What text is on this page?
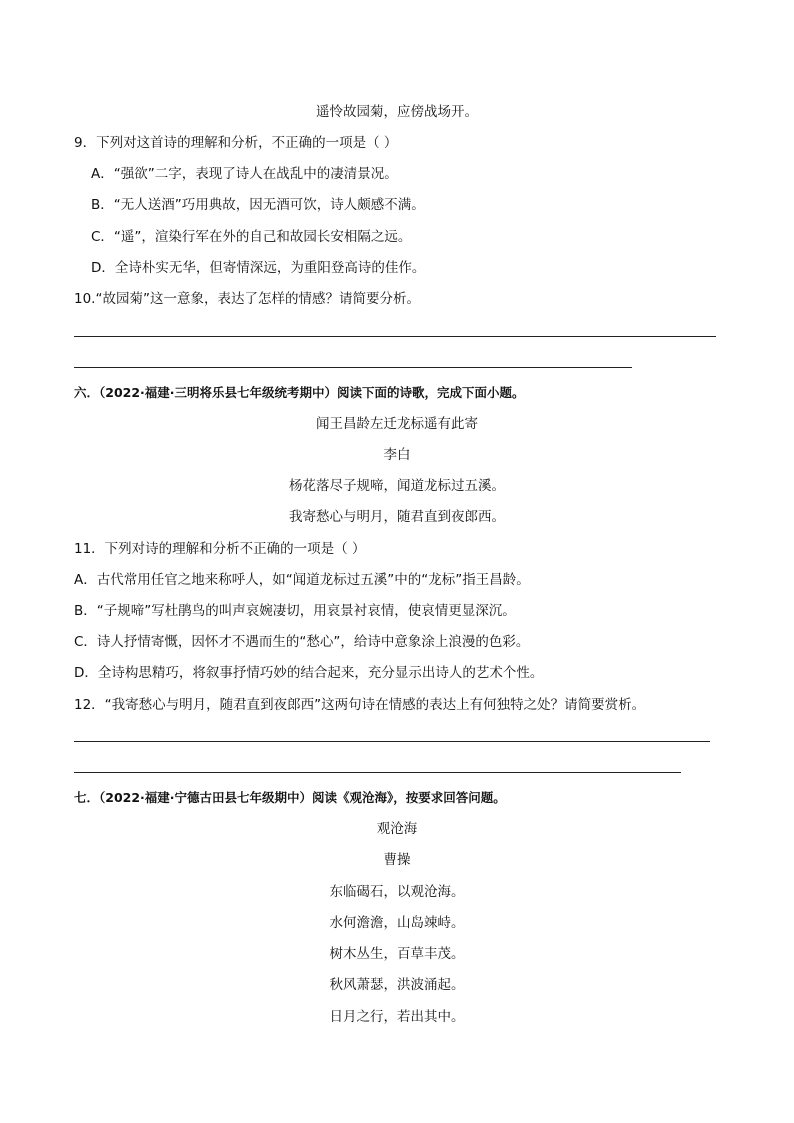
遥怜故园菊，应傍战场开。
9．下列对这首诗的理解和分析，不正确的一项是（ ）
A．“强欲”二字，表现了诗人在战乱中的凄清景况。
B．“无人送酒”巧用典故，因无酒可饮，诗人颇感不满。
C．“遥”，渲染行军在外的自己和故园长安相隔之远。
D．全诗朴实无华，但寄情深远，为重阳登高诗的佳作。
10.“故园菊”这一意象，表达了怎样的情感？请简要分析。
六．（2022·福建·三明将乐县七年级统考期中）阅读下面的诗歌，完成下面小题。
闻王昌龄左迁龙标遥有此寄
李白
杨花落尽子规啼，闻道龙标过五溪。
我寄愁心与明月，随君直到夜郎西。
11．下列对诗的理解和分析不正确的一项是（ ）
A．古代常用任官之地来称呼人，如“闻道龙标过五溪”中的“龙标”指王昌龄。
B．“子规啼”写杜鹃鸟的叫声哀婉凄切，用哀景衬哀情，使哀情更显深沉。
C．诗人抒情寄慨，因怀才不遇而生的“愁心”，给诗中意象涂上浪漫的色彩。
D．全诗构思精巧，将叙事抒情巧妙的结合起来，充分显示出诗人的艺术个性。
12．“我寄愁心与明月，随君直到夜郎西”这两句诗在情感的表达上有何独特之处？请简要赏析。
七．（2022·福建·宁德古田县七年级期中）阅读《观沧海》，按要求回答问题。
观沧海
曹操
东临碣石，以观沧海。
水何澹澹，山岛竦峙。
树木丛生，百草丰茂。
秋风萧瑟，洪波涌起。
日月之行，若出其中。
